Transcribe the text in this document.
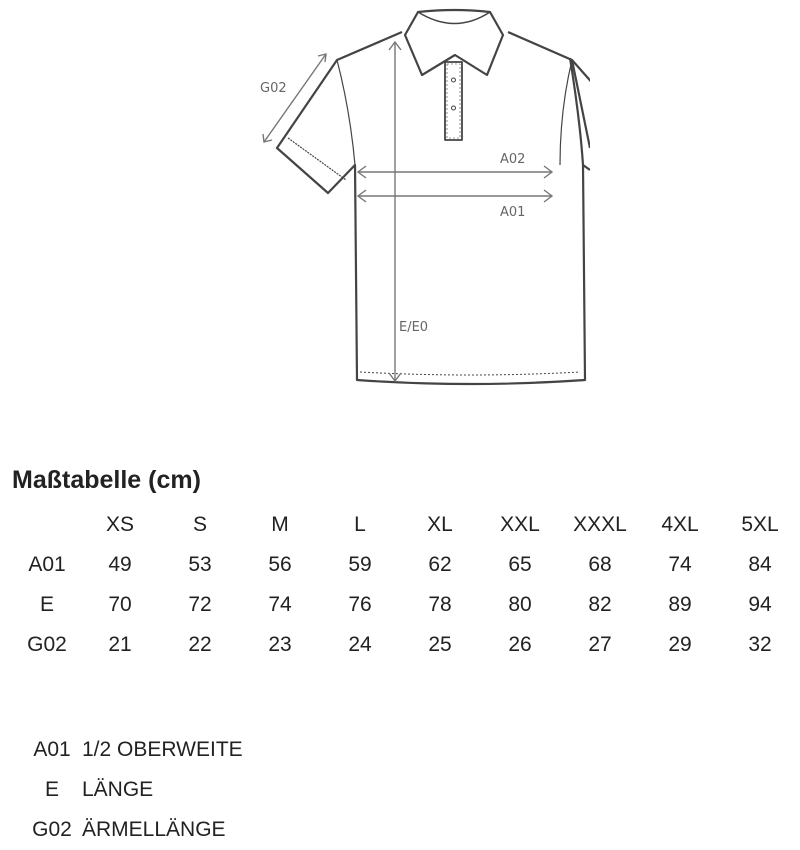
G02
A02
A01
E/E0
Maßtabelle (cm)
	XS	S	M	L	XL	XXL	XXXL	4XL	5XL
A01	49	53	56	59	62	65	68	74	84
E	70	72	74	76	78	80	82	89	94
G02	21	22	23	24	25	26	27	29	32
A01 1/2 OBERWEITE
E	LÄNGE
G02 ÄRMELLÄNGE
